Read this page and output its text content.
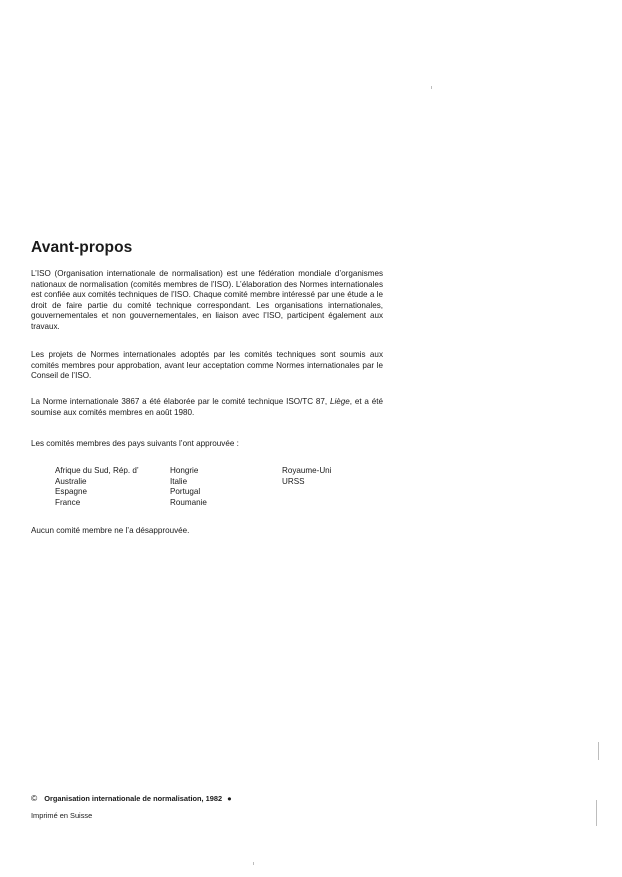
Avant-propos

L’ISO (Organisation internationale de normalisation) est une fédération mondiale d’organismes nationaux de normalisation (comités membres de l’ISO). L’élaboration des Normes internationales est confiée aux comités techniques de l’ISO. Chaque comité membre intéressé par une étude a le droit de faire partie du comité technique correspondant. Les organisations internationales, gouvernementales et non gouvernementales, en liaison avec l’ISO, participent également aux travaux.

Les projets de Normes internationales adoptés par les comités techniques sont soumis aux comités membres pour approbation, avant leur acceptation comme Normes internationales par le Conseil de l’ISO.

La Norme internationale 3867 a été élaborée par le comité technique ISO/TC 87, Liège, et a été soumise aux comités membres en août 1980.

Les comités membres des pays suivants l’ont approuvée :

Afrique du Sud, Rép. d’
Australie
Espagne
France
Hongrie
Italie
Portugal
Roumanie
Royaume-Uni
URSS

Aucun comité membre ne l’a désapprouvée.

© Organisation internationale de normalisation, 1982 ●
Imprimé en Suisse
